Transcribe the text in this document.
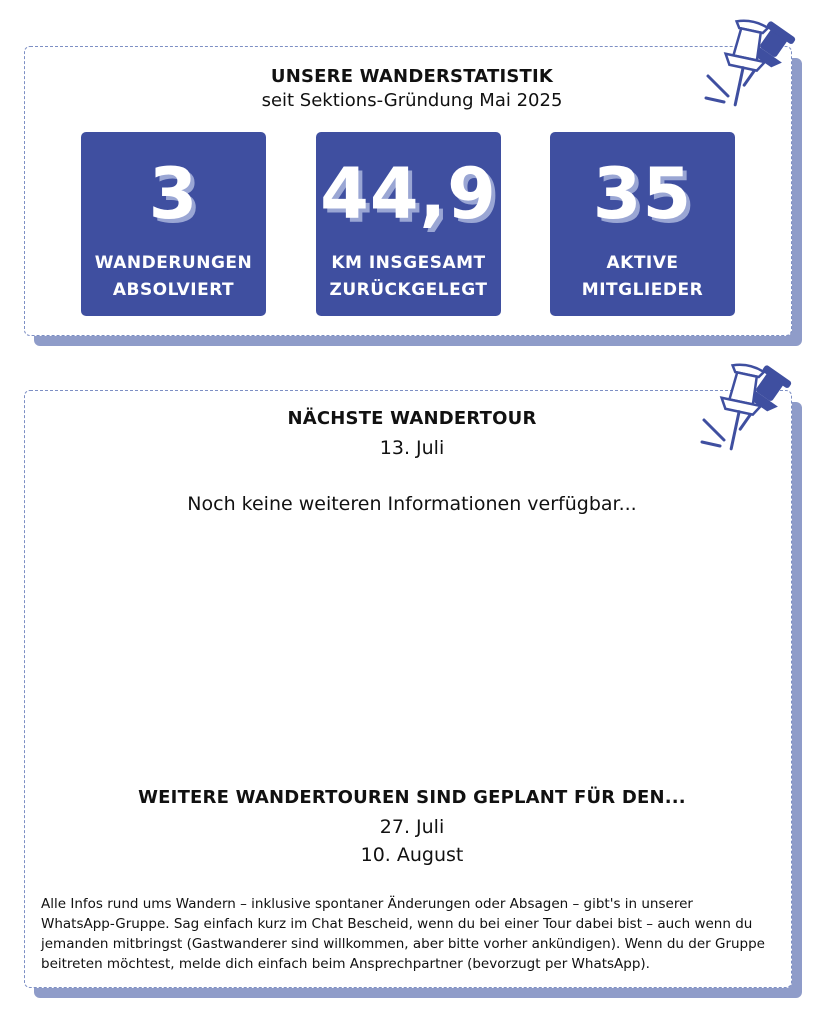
UNSERE WANDERSTATISTIK
seit Sektions-Gründung Mai 2025
3
WANDERUNGEN
ABSOLVIERT
44,9
KM INSGESAMT
ZURÜCKGELEGT
35
AKTIVE
MITGLIEDER
NÄCHSTE WANDERTOUR
13. Juli
Noch keine weiteren Informationen verfügbar...
WEITERE WANDERTOUREN SIND GEPLANT FÜR DEN...
27. Juli
10. August
Alle Infos rund ums Wandern – inklusive spontaner Änderungen oder Absagen – gibt's in unserer
WhatsApp-Gruppe. Sag einfach kurz im Chat Bescheid, wenn du bei einer Tour dabei bist – auch wenn du
jemanden mitbringst (Gastwanderer sind willkommen, aber bitte vorher ankündigen). Wenn du der Gruppe
beitreten möchtest, melde dich einfach beim Ansprechpartner (bevorzugt per WhatsApp).
